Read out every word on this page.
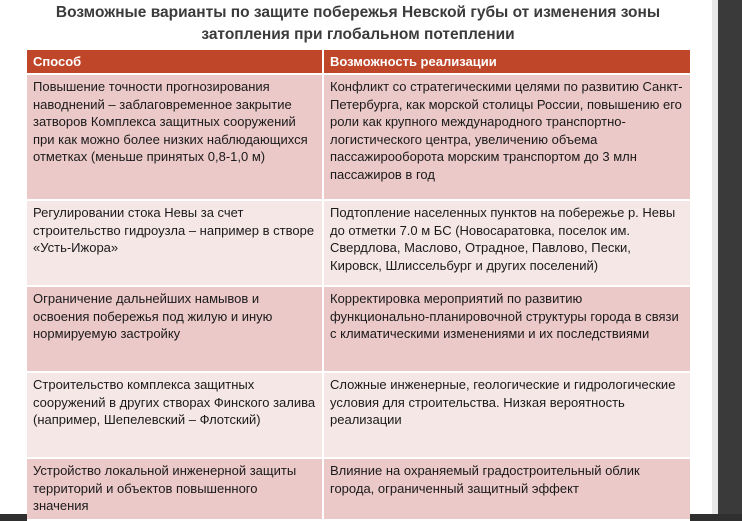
Возможные варианты по защите побережья Невской губы от изменения зоны
затопления при глобальном потеплении
Способ	Возможность реализации
Повышение точности прогнозирования наводнений – заблаговременное закрытие затворов Комплекса защитных сооружений при как можно более низких наблюдающихся отметках (меньше принятых 0,8-1,0 м)	Конфликт со стратегическими целями по развитию Санкт-Петербурга, как морской столицы России, повышению его роли как крупного международного транспортно-логистического центра, увеличению объема пассажирооборота морским транспортом до 3 млн пассажиров в год
Регулировании стока Невы за счет строительство гидроузла – например в створе «Усть-Ижора»	Подтопление населенных пунктов на побережье р. Невы до отметки 7.0 м БС (Новосаратовка, поселок им. Свердлова, Маслово, Отрадное, Павлово, Пески, Кировск, Шлиссельбург и других поселений)
Ограничение дальнейших намывов и освоения побережья под жилую и иную нормируемую застройку	Корректировка мероприятий по развитию функционально-планировочной структуры города в связи с климатическими изменениями и их последствиями
Строительство комплекса защитных сооружений в других створах Финского залива (например, Шепелевский – Флотский)	Сложные инженерные, геологические и гидрологические условия для строительства. Низкая вероятность реализации
Устройство локальной инженерной защиты территорий и объектов повышенного значения	Влияние на охраняемый градостроительный облик города, ограниченный защитный эффект
